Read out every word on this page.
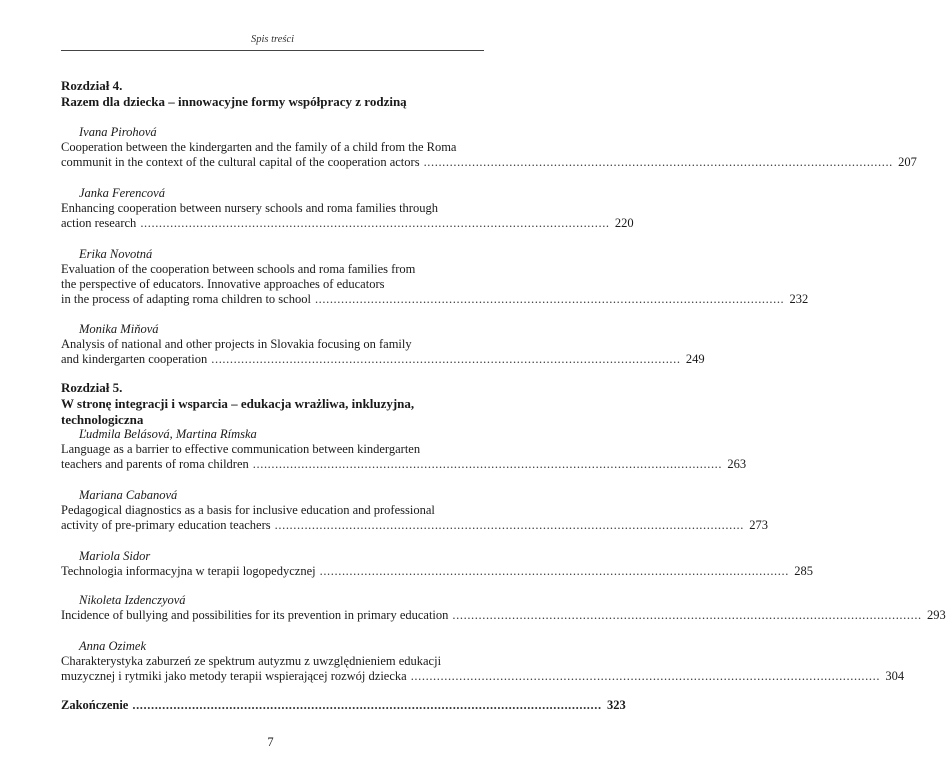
Spis treści
Rozdział 4.
Razem dla dziecka – innowacyjne formy współpracy z rodziną
Ivana Pirohová
Cooperation between the kindergarten and the family of a child from the Roma
communit in the context of the cultural capital of the cooperation actors .............................................................................................................................. 207
Janka Ferencová
Enhancing cooperation between nursery schools and roma families through
action research .............................................................................................................................. 220
Erika Novotná
Evaluation of the cooperation between schools and roma families from
the perspective of educators. Innovative approaches of educators
in the process of adapting roma children to school .............................................................................................................................. 232
Monika Miňová
Analysis of national and other projects in Slovakia focusing on family
and kindergarten cooperation .............................................................................................................................. 249
Rozdział 5.
W stronę integracji i wsparcia – edukacja wrażliwa, inkluzyjna, technologiczna
Ľudmila Belásová, Martina Rímska
Language as a barrier to effective communication between kindergarten
teachers and parents of roma children .............................................................................................................................. 263
Mariana Cabanová
Pedagogical diagnostics as a basis for inclusive education and professional
activity of pre-primary education teachers .............................................................................................................................. 273
Mariola Sidor
Technologia informacyjna w terapii logopedycznej .............................................................................................................................. 285
Nikoleta Izdenczyová
Incidence of bullying and possibilities for its prevention in primary education .............................................................................................................................. 293
Anna Ozimek
Charakterystyka zaburzeń ze spektrum autyzmu z uwzględnieniem edukacji
muzycznej i rytmiki jako metody terapii wspierającej rozwój dziecka .............................................................................................................................. 304
Zakończenie .............................................................................................................................. 323
7
